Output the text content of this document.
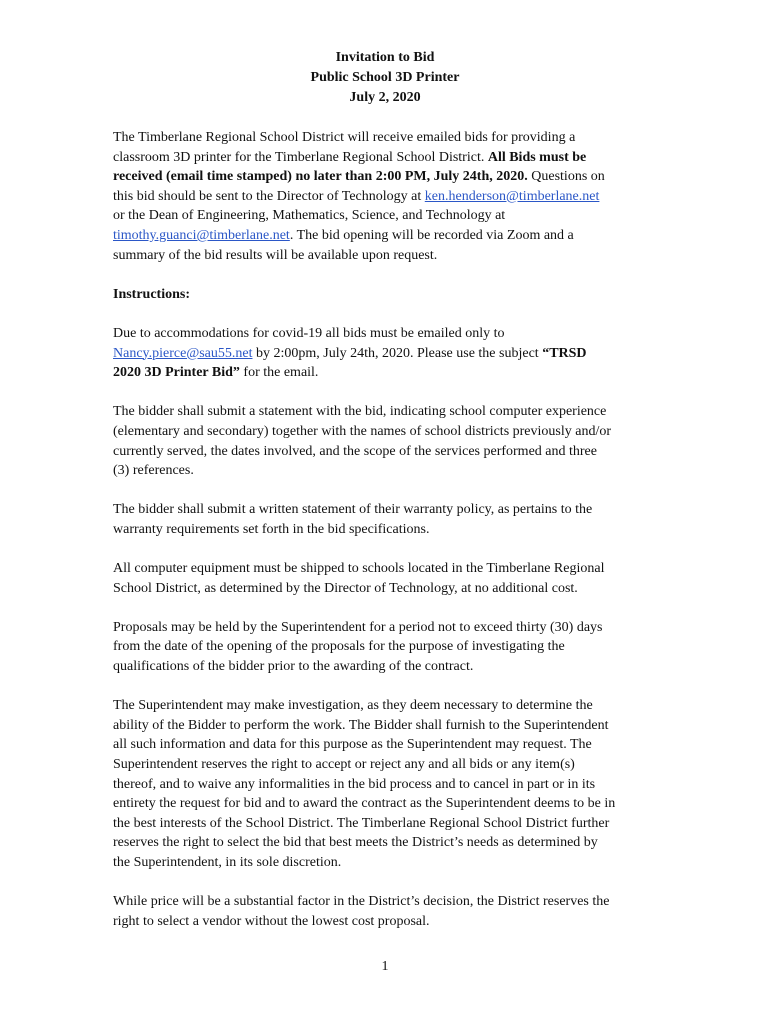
Invitation to Bid
Public School 3D Printer
July 2, 2020
The Timberlane Regional School District will receive emailed bids for providing a
classroom 3D printer for the Timberlane Regional School District. All Bids must be
received (email time stamped) no later than 2:00 PM, July 24th, 2020. Questions on
this bid should be sent to the Director of Technology at ken.henderson@timberlane.net
or the Dean of Engineering, Mathematics, Science, and Technology at
timothy.guanci@timberlane.net. The bid opening will be recorded via Zoom and a
summary of the bid results will be available upon request.
Instructions:
Due to accommodations for covid-19 all bids must be emailed only to
Nancy.pierce@sau55.net by 2:00pm, July 24th, 2020. Please use the subject “TRSD
2020 3D Printer Bid” for the email.
The bidder shall submit a statement with the bid, indicating school computer experience
(elementary and secondary) together with the names of school districts previously and/or
currently served, the dates involved, and the scope of the services performed and three
(3) references.
The bidder shall submit a written statement of their warranty policy, as pertains to the
warranty requirements set forth in the bid specifications.
All computer equipment must be shipped to schools located in the Timberlane Regional
School District, as determined by the Director of Technology, at no additional cost.
Proposals may be held by the Superintendent for a period not to exceed thirty (30) days
from the date of the opening of the proposals for the purpose of investigating the
qualifications of the bidder prior to the awarding of the contract.
The Superintendent may make investigation, as they deem necessary to determine the
ability of the Bidder to perform the work. The Bidder shall furnish to the Superintendent
all such information and data for this purpose as the Superintendent may request. The
Superintendent reserves the right to accept or reject any and all bids or any item(s)
thereof, and to waive any informalities in the bid process and to cancel in part or in its
entirety the request for bid and to award the contract as the Superintendent deems to be in
the best interests of the School District. The Timberlane Regional School District further
reserves the right to select the bid that best meets the District’s needs as determined by
the Superintendent, in its sole discretion.
While price will be a substantial factor in the District’s decision, the District reserves the
right to select a vendor without the lowest cost proposal.
1
